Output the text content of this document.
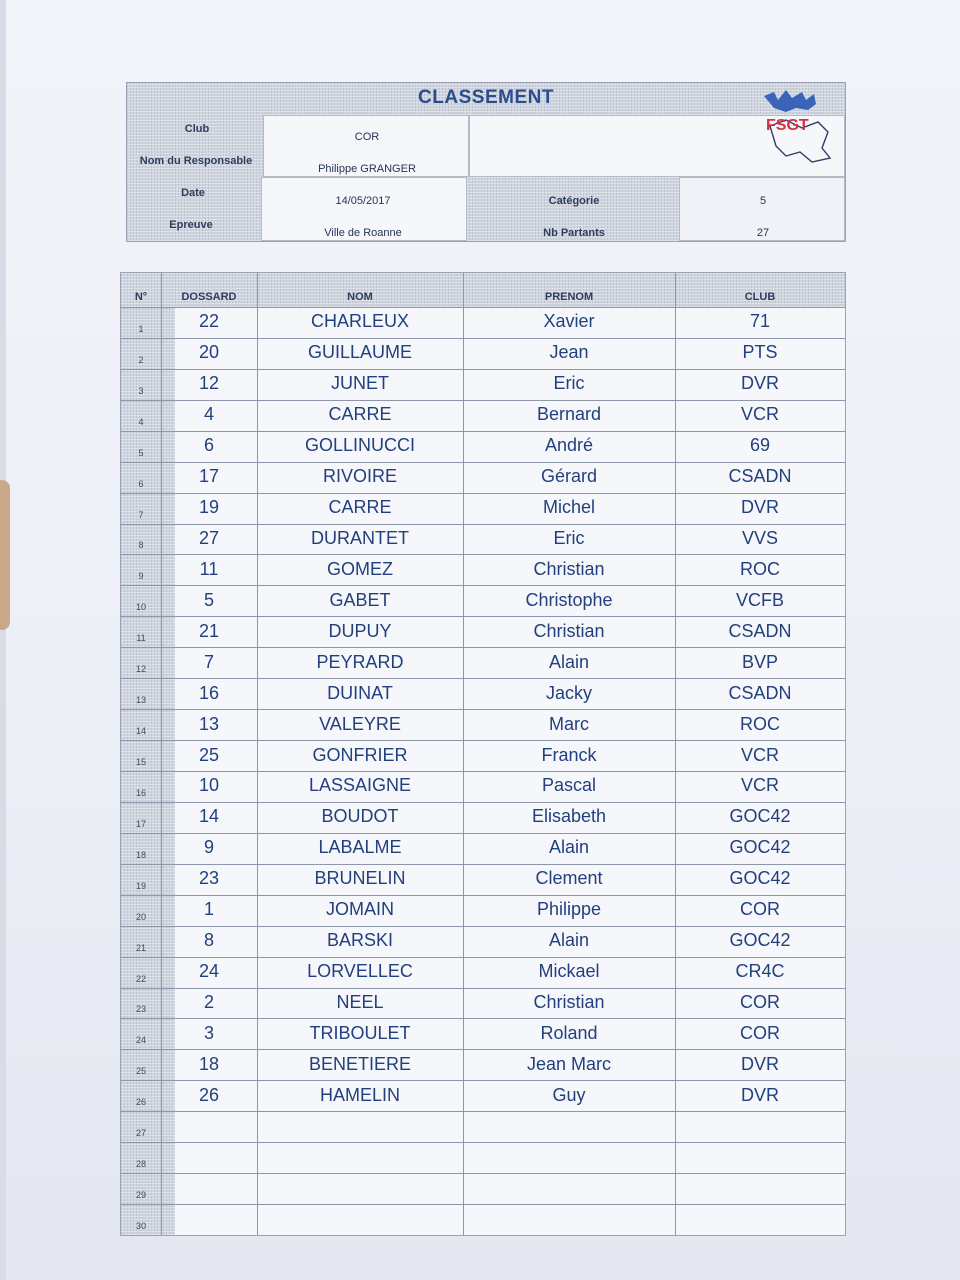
CLASSEMENT
Club
COR
Nom du Responsable
Philippe GRANGER
Date
14/05/2017
Epreuve
Ville de Roanne
Catégorie	5
Nb Partants	27
FSGT
N°	DOSSARD	NOM	PRENOM	CLUB
1	22	CHARLEUX	Xavier	71
2	20	GUILLAUME	Jean	PTS
3	12	JUNET	Eric	DVR
4	4	CARRE	Bernard	VCR
5	6	GOLLINUCCI	André	69
6	17	RIVOIRE	Gérard	CSADN
7	19	CARRE	Michel	DVR
8	27	DURANTET	Eric	VVS
9	11	GOMEZ	Christian	ROC
10	5	GABET	Christophe	VCFB
11	21	DUPUY	Christian	CSADN
12	7	PEYRARD	Alain	BVP
13	16	DUINAT	Jacky	CSADN
14	13	VALEYRE	Marc	ROC
15	25	GONFRIER	Franck	VCR
16	10	LASSAIGNE	Pascal	VCR
17	14	BOUDOT	Elisabeth	GOC42
18	9	LABALME	Alain	GOC42
19	23	BRUNELIN	Clement	GOC42
20	1	JOMAIN	Philippe	COR
21	8	BARSKI	Alain	GOC42
22	24	LORVELLEC	Mickael	CR4C
23	2	NEEL	Christian	COR
24	3	TRIBOULET	Roland	COR
25	18	BENETIERE	Jean Marc	DVR
26	26	HAMELIN	Guy	DVR
27
28
29
30
